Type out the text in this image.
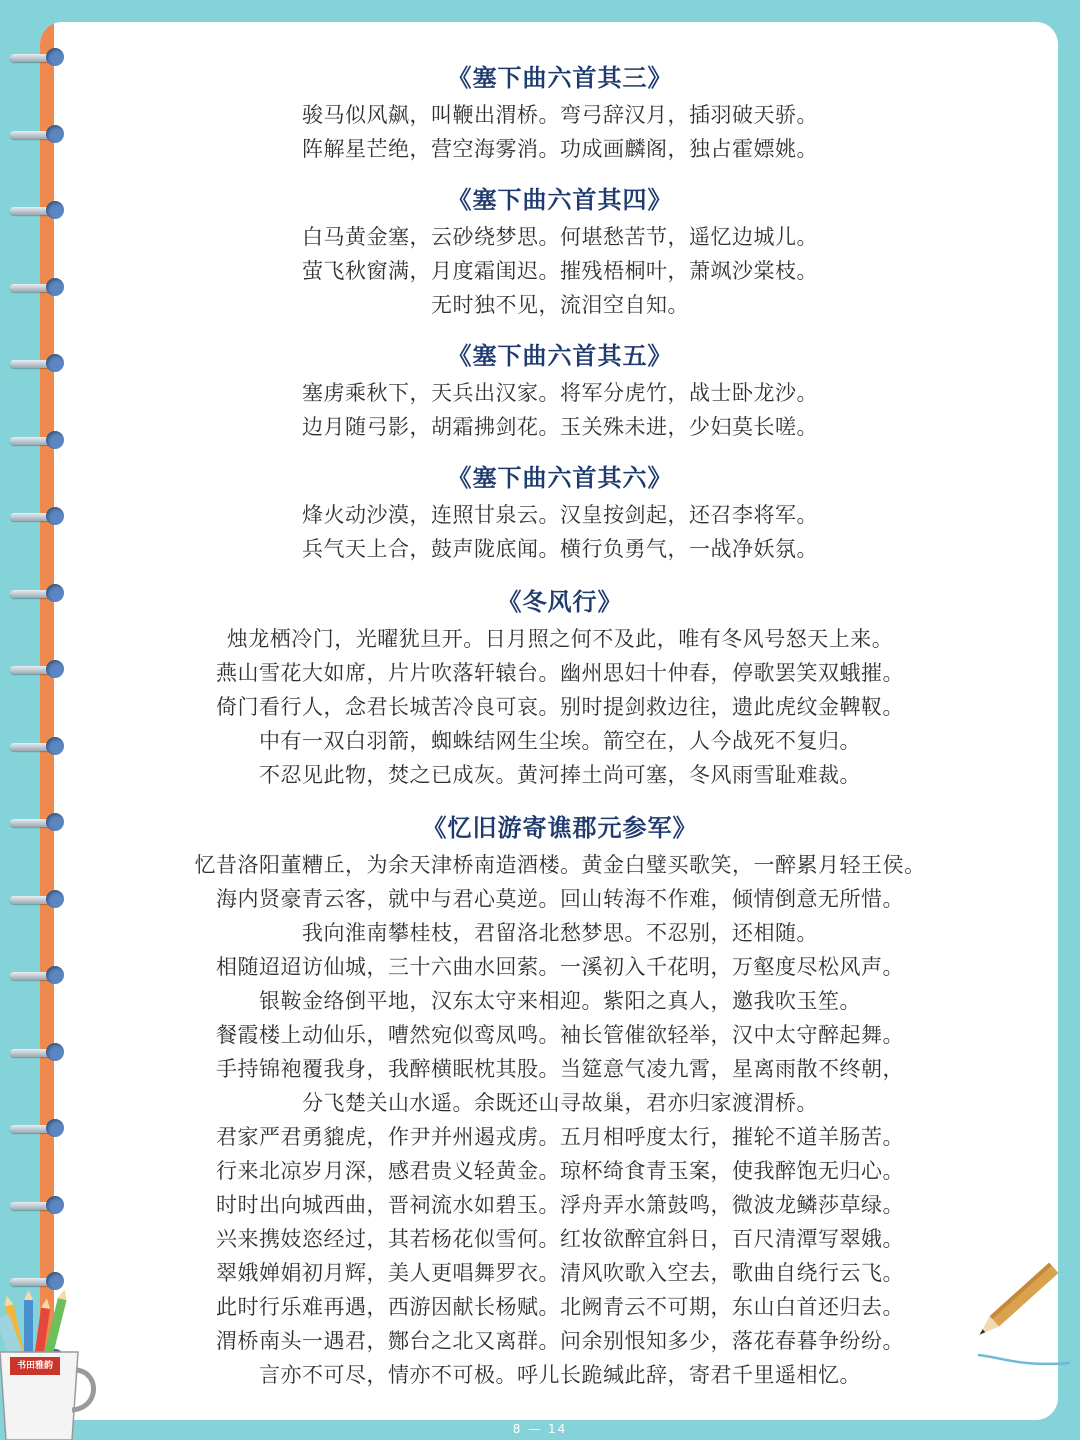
《塞下曲六首其三》
骏马似风飙，叫鞭出渭桥。弯弓辞汉月，插羽破天骄。
阵解星芒绝，营空海雾消。功成画麟阁，独占霍嫖姚。
《塞下曲六首其四》
白马黄金塞，云砂绕梦思。何堪愁苦节，遥忆边城儿。
萤飞秋窗满，月度霜闺迟。摧残梧桐叶，萧飒沙棠枝。
无时独不见，流泪空自知。
《塞下曲六首其五》
塞虏乘秋下，天兵出汉家。将军分虎竹，战士卧龙沙。
边月随弓影，胡霜拂剑花。玉关殊未进，少妇莫长嗟。
《塞下曲六首其六》
烽火动沙漠，连照甘泉云。汉皇按剑起，还召李将军。
兵气天上合，鼓声陇底闻。横行负勇气，一战净妖氛。
《冬风行》
烛龙栖冷门，光曜犹旦开。日月照之何不及此，唯有冬风号怒天上来。
燕山雪花大如席，片片吹落轩辕台。幽州思妇十仲春，停歌罢笑双蛾摧。
倚门看行人，念君长城苦冷良可哀。别时提剑救边往，遗此虎纹金鞞靫。
中有一双白羽箭，蜘蛛结网生尘埃。箭空在，人今战死不复归。
不忍见此物，焚之已成灰。黄河捧土尚可塞，冬风雨雪耻难裁。
《忆旧游寄谯郡元参军》
忆昔洛阳董糟丘，为余天津桥南造酒楼。黄金白璧买歌笑，一醉累月轻王侯。
海内贤豪青云客，就中与君心莫逆。回山转海不作难，倾情倒意无所惜。
我向淮南攀桂枝，君留洛北愁梦思。不忍别，还相随。
相随迢迢访仙城，三十六曲水回萦。一溪初入千花明，万壑度尽松风声。
银鞍金络倒平地，汉东太守来相迎。紫阳之真人，邀我吹玉笙。
餐霞楼上动仙乐，嘈然宛似鸾凤鸣。袖长管催欲轻举，汉中太守醉起舞。
手持锦袍覆我身，我醉横眠枕其股。当筵意气凌九霄，星离雨散不终朝，
分飞楚关山水遥。余既还山寻故巢，君亦归家渡渭桥。
君家严君勇貔虎，作尹并州遏戎虏。五月相呼度太行，摧轮不道羊肠苦。
行来北凉岁月深，感君贵义轻黄金。琼杯绮食青玉案，使我醉饱无归心。
时时出向城西曲，晋祠流水如碧玉。浮舟弄水箫鼓鸣，微波龙鳞莎草绿。
兴来携妓恣经过，其若杨花似雪何。红妆欲醉宜斜日，百尺清潭写翠娥。
翠娥婵娟初月辉，美人更唱舞罗衣。清风吹歌入空去，歌曲自绕行云飞。
此时行乐难再遇，西游因献长杨赋。北阙青云不可期，东山白首还归去。
渭桥南头一遇君，酂台之北又离群。问余别恨知多少，落花春暮争纷纷。
言亦不可尽，情亦不可极。呼儿长跪缄此辞，寄君千里遥相忆。
书田雅韵
8 — 14
